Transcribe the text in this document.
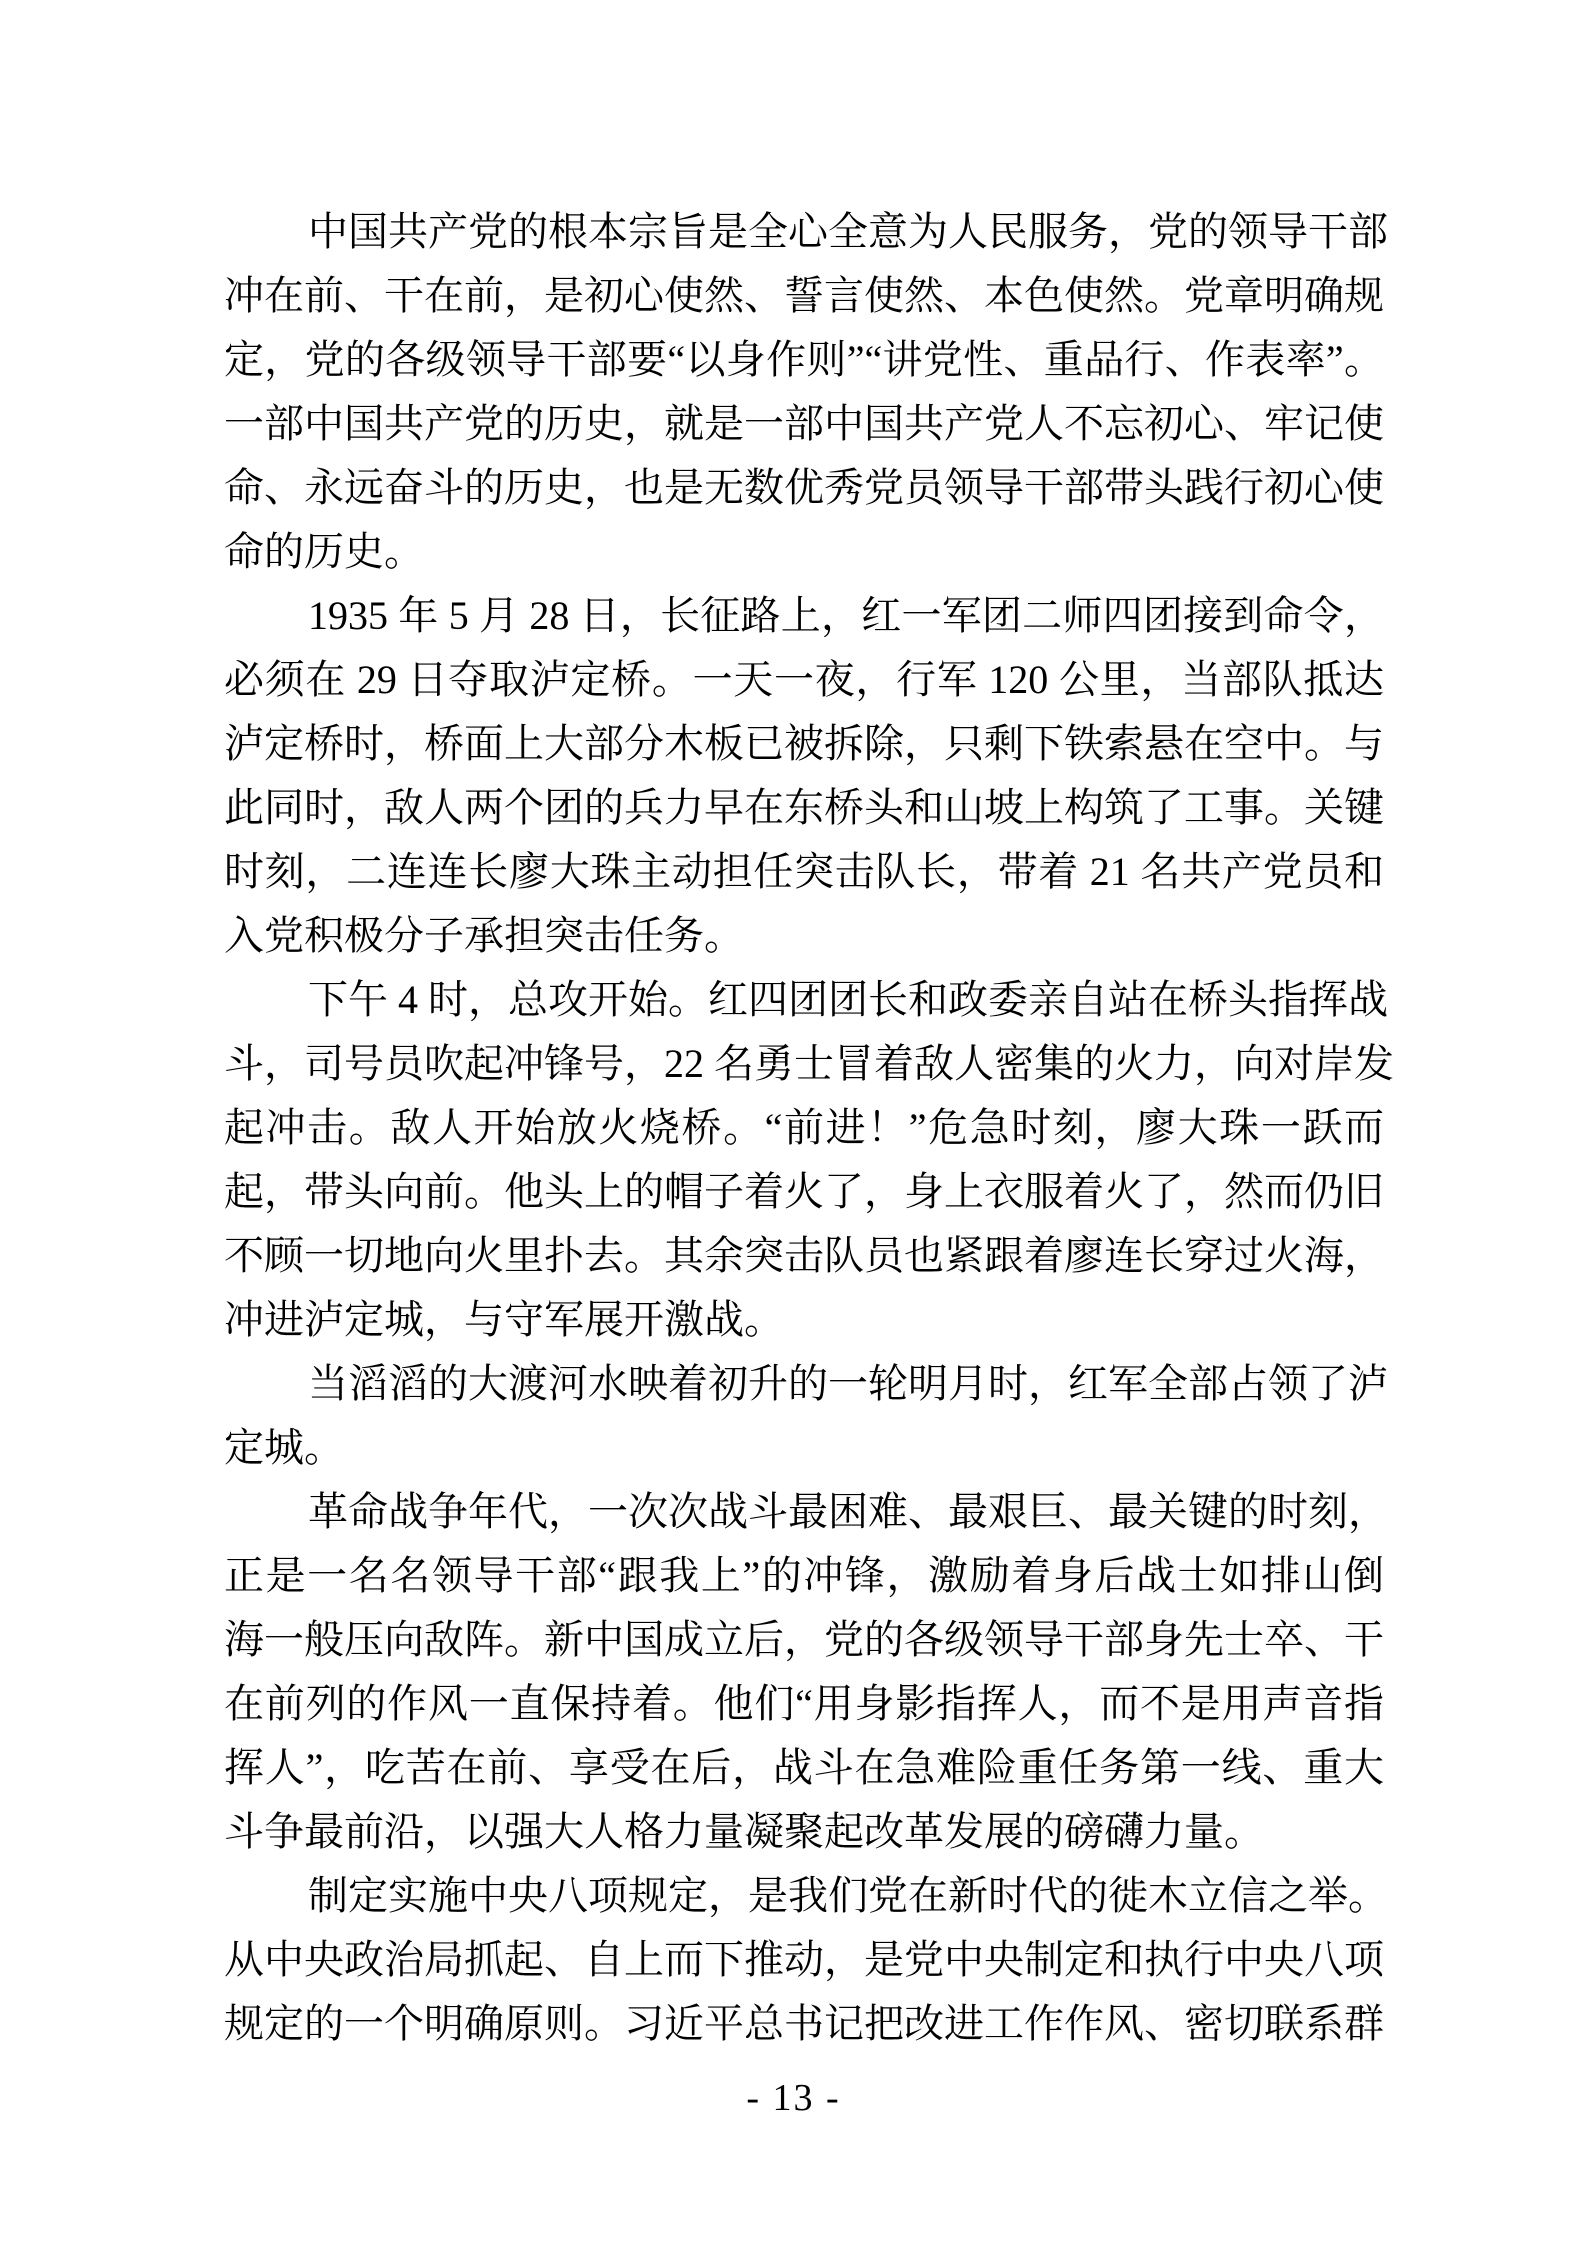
中国共产党的根本宗旨是全心全意为人民服务，党的领导干部
冲在前、干在前，是初心使然、誓言使然、本色使然。党章明确规
定，党的各级领导干部要“以身作则”“讲党性、重品行、作表率”。
一部中国共产党的历史，就是一部中国共产党人不忘初心、牢记使
命、永远奋斗的历史，也是无数优秀党员领导干部带头践行初心使
命的历史。
1935 年 5 月 28 日，长征路上，红一军团二师四团接到命令，
必须在 29 日夺取泸定桥。一天一夜，行军 120 公里，当部队抵达
泸定桥时，桥面上大部分木板已被拆除，只剩下铁索悬在空中。与
此同时，敌人两个团的兵力早在东桥头和山坡上构筑了工事。关键
时刻，二连连长廖大珠主动担任突击队长，带着 21 名共产党员和
入党积极分子承担突击任务。
下午 4 时，总攻开始。红四团团长和政委亲自站在桥头指挥战
斗，司号员吹起冲锋号，22 名勇士冒着敌人密集的火力，向对岸发
起冲击。敌人开始放火烧桥。“前进！”危急时刻，廖大珠一跃而
起，带头向前。他头上的帽子着火了，身上衣服着火了，然而仍旧
不顾一切地向火里扑去。其余突击队员也紧跟着廖连长穿过火海，
冲进泸定城，与守军展开激战。
当滔滔的大渡河水映着初升的一轮明月时，红军全部占领了泸
定城。
革命战争年代，一次次战斗最困难、最艰巨、最关键的时刻，
正是一名名领导干部“跟我上”的冲锋，激励着身后战士如排山倒
海一般压向敌阵。新中国成立后，党的各级领导干部身先士卒、干
在前列的作风一直保持着。他们“用身影指挥人，而不是用声音指
挥人”，吃苦在前、享受在后，战斗在急难险重任务第一线、重大
斗争最前沿，以强大人格力量凝聚起改革发展的磅礴力量。
制定实施中央八项规定，是我们党在新时代的徙木立信之举。
从中央政治局抓起、自上而下推动，是党中央制定和执行中央八项
规定的一个明确原则。习近平总书记把改进工作作风、密切联系群
- 13 -
